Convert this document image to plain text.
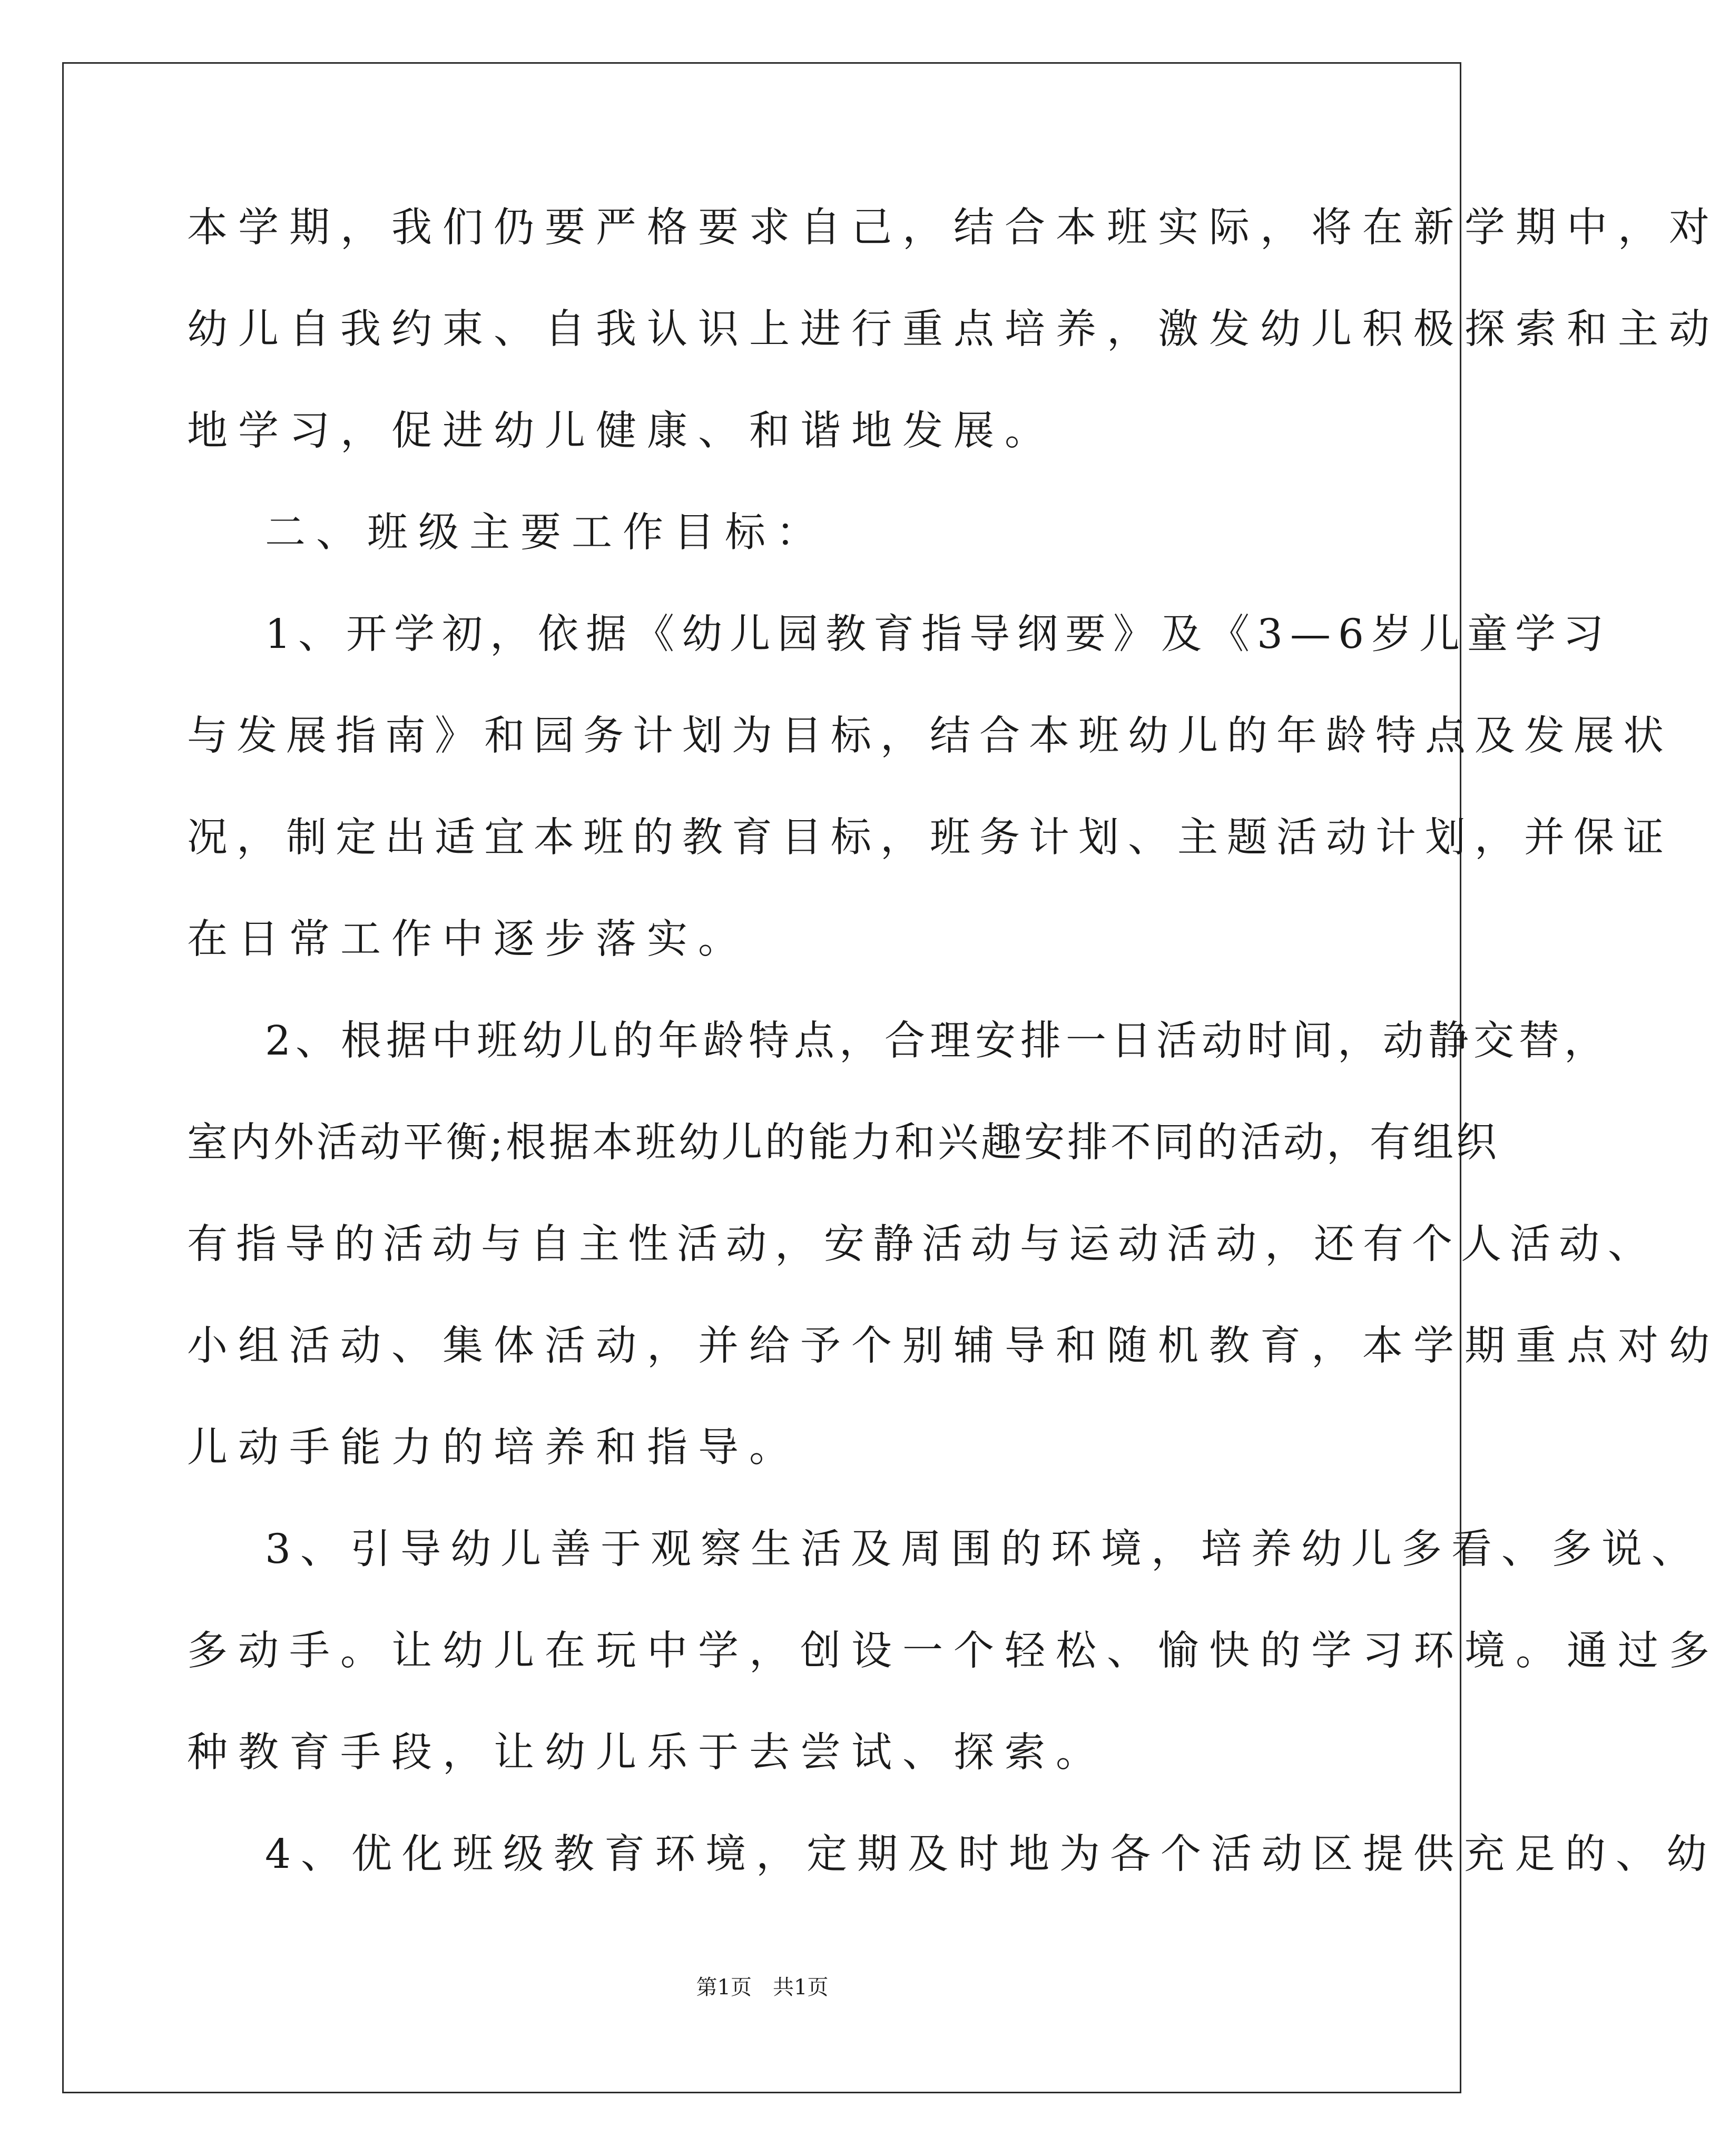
本学期，我们仍要严格要求自己，结合本班实际，将在新学期中，对
幼儿自我约束、自我认识上进行重点培养，激发幼儿积极探索和主动
地学习，促进幼儿健康、和谐地发展。
二、班级主要工作目标：
1、开学初，依据《幼儿园教育指导纲要》及《3—6岁儿童学习
与发展指南》和园务计划为目标，结合本班幼儿的年龄特点及发展状
况，制定出适宜本班的教育目标，班务计划、主题活动计划，并保证
在日常工作中逐步落实。
2、根据中班幼儿的年龄特点，合理安排一日活动时间，动静交替，
室内外活动平衡;根据本班幼儿的能力和兴趣安排不同的活动，有组织
有指导的活动与自主性活动，安静活动与运动活动，还有个人活动、
小组活动、集体活动，并给予个别辅导和随机教育，本学期重点对幼
儿动手能力的培养和指导。
3、引导幼儿善于观察生活及周围的环境，培养幼儿多看、多说、
多动手。让幼儿在玩中学，创设一个轻松、愉快的学习环境。通过多
种教育手段，让幼儿乐于去尝试、探索。
4、优化班级教育环境，定期及时地为各个活动区提供充足的、幼
第1页 共1页
